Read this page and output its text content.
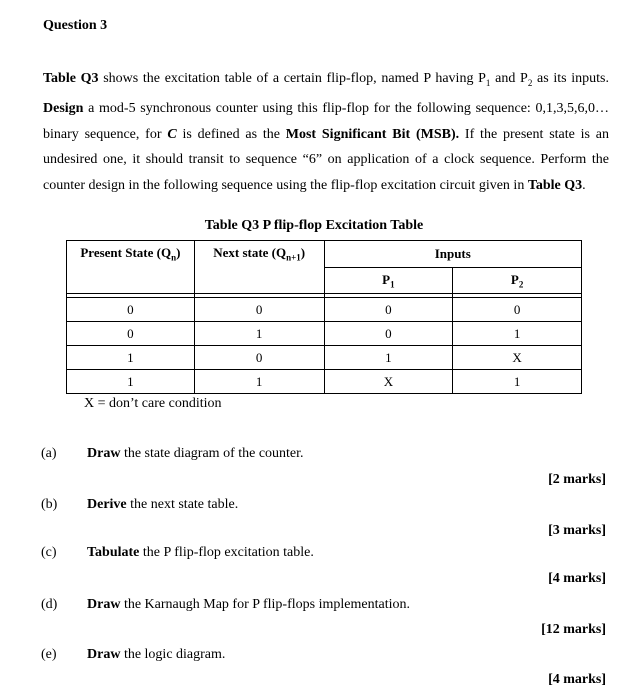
Question 3
Table Q3 shows the excitation table of a certain flip-flop, named P having $P_1$ and $P_2$ as its inputs. Design a mod-5 synchronous counter using this flip-flop for the following sequence: 0,1,3,5,6,0… binary sequence, for C is defined as the Most Significant Bit (MSB). If the present state is an undesired one, it should transit to sequence “6” on application of a clock sequence. Perform the counter design in the following sequence using the flip-flop excitation circuit given in Table Q3.
Table Q3 P flip-flop Excitation Table
Present State $(Q_n)$	Next state $(Q_{n+1})$	Inputs	
		$P_1$	$P_2$

0	0	0	0
0	1	0	1
1	0	1	X
1	1	X	1
X = don’t care condition
(a) Draw the state diagram of the counter.
[2 marks]
(b) Derive the next state table.
[3 marks]
(c) Tabulate the P flip-flop excitation table.
[4 marks]
(d) Draw the Karnaugh Map for P flip-flops implementation.
[12 marks]
(e) Draw the logic diagram.
[4 marks]
